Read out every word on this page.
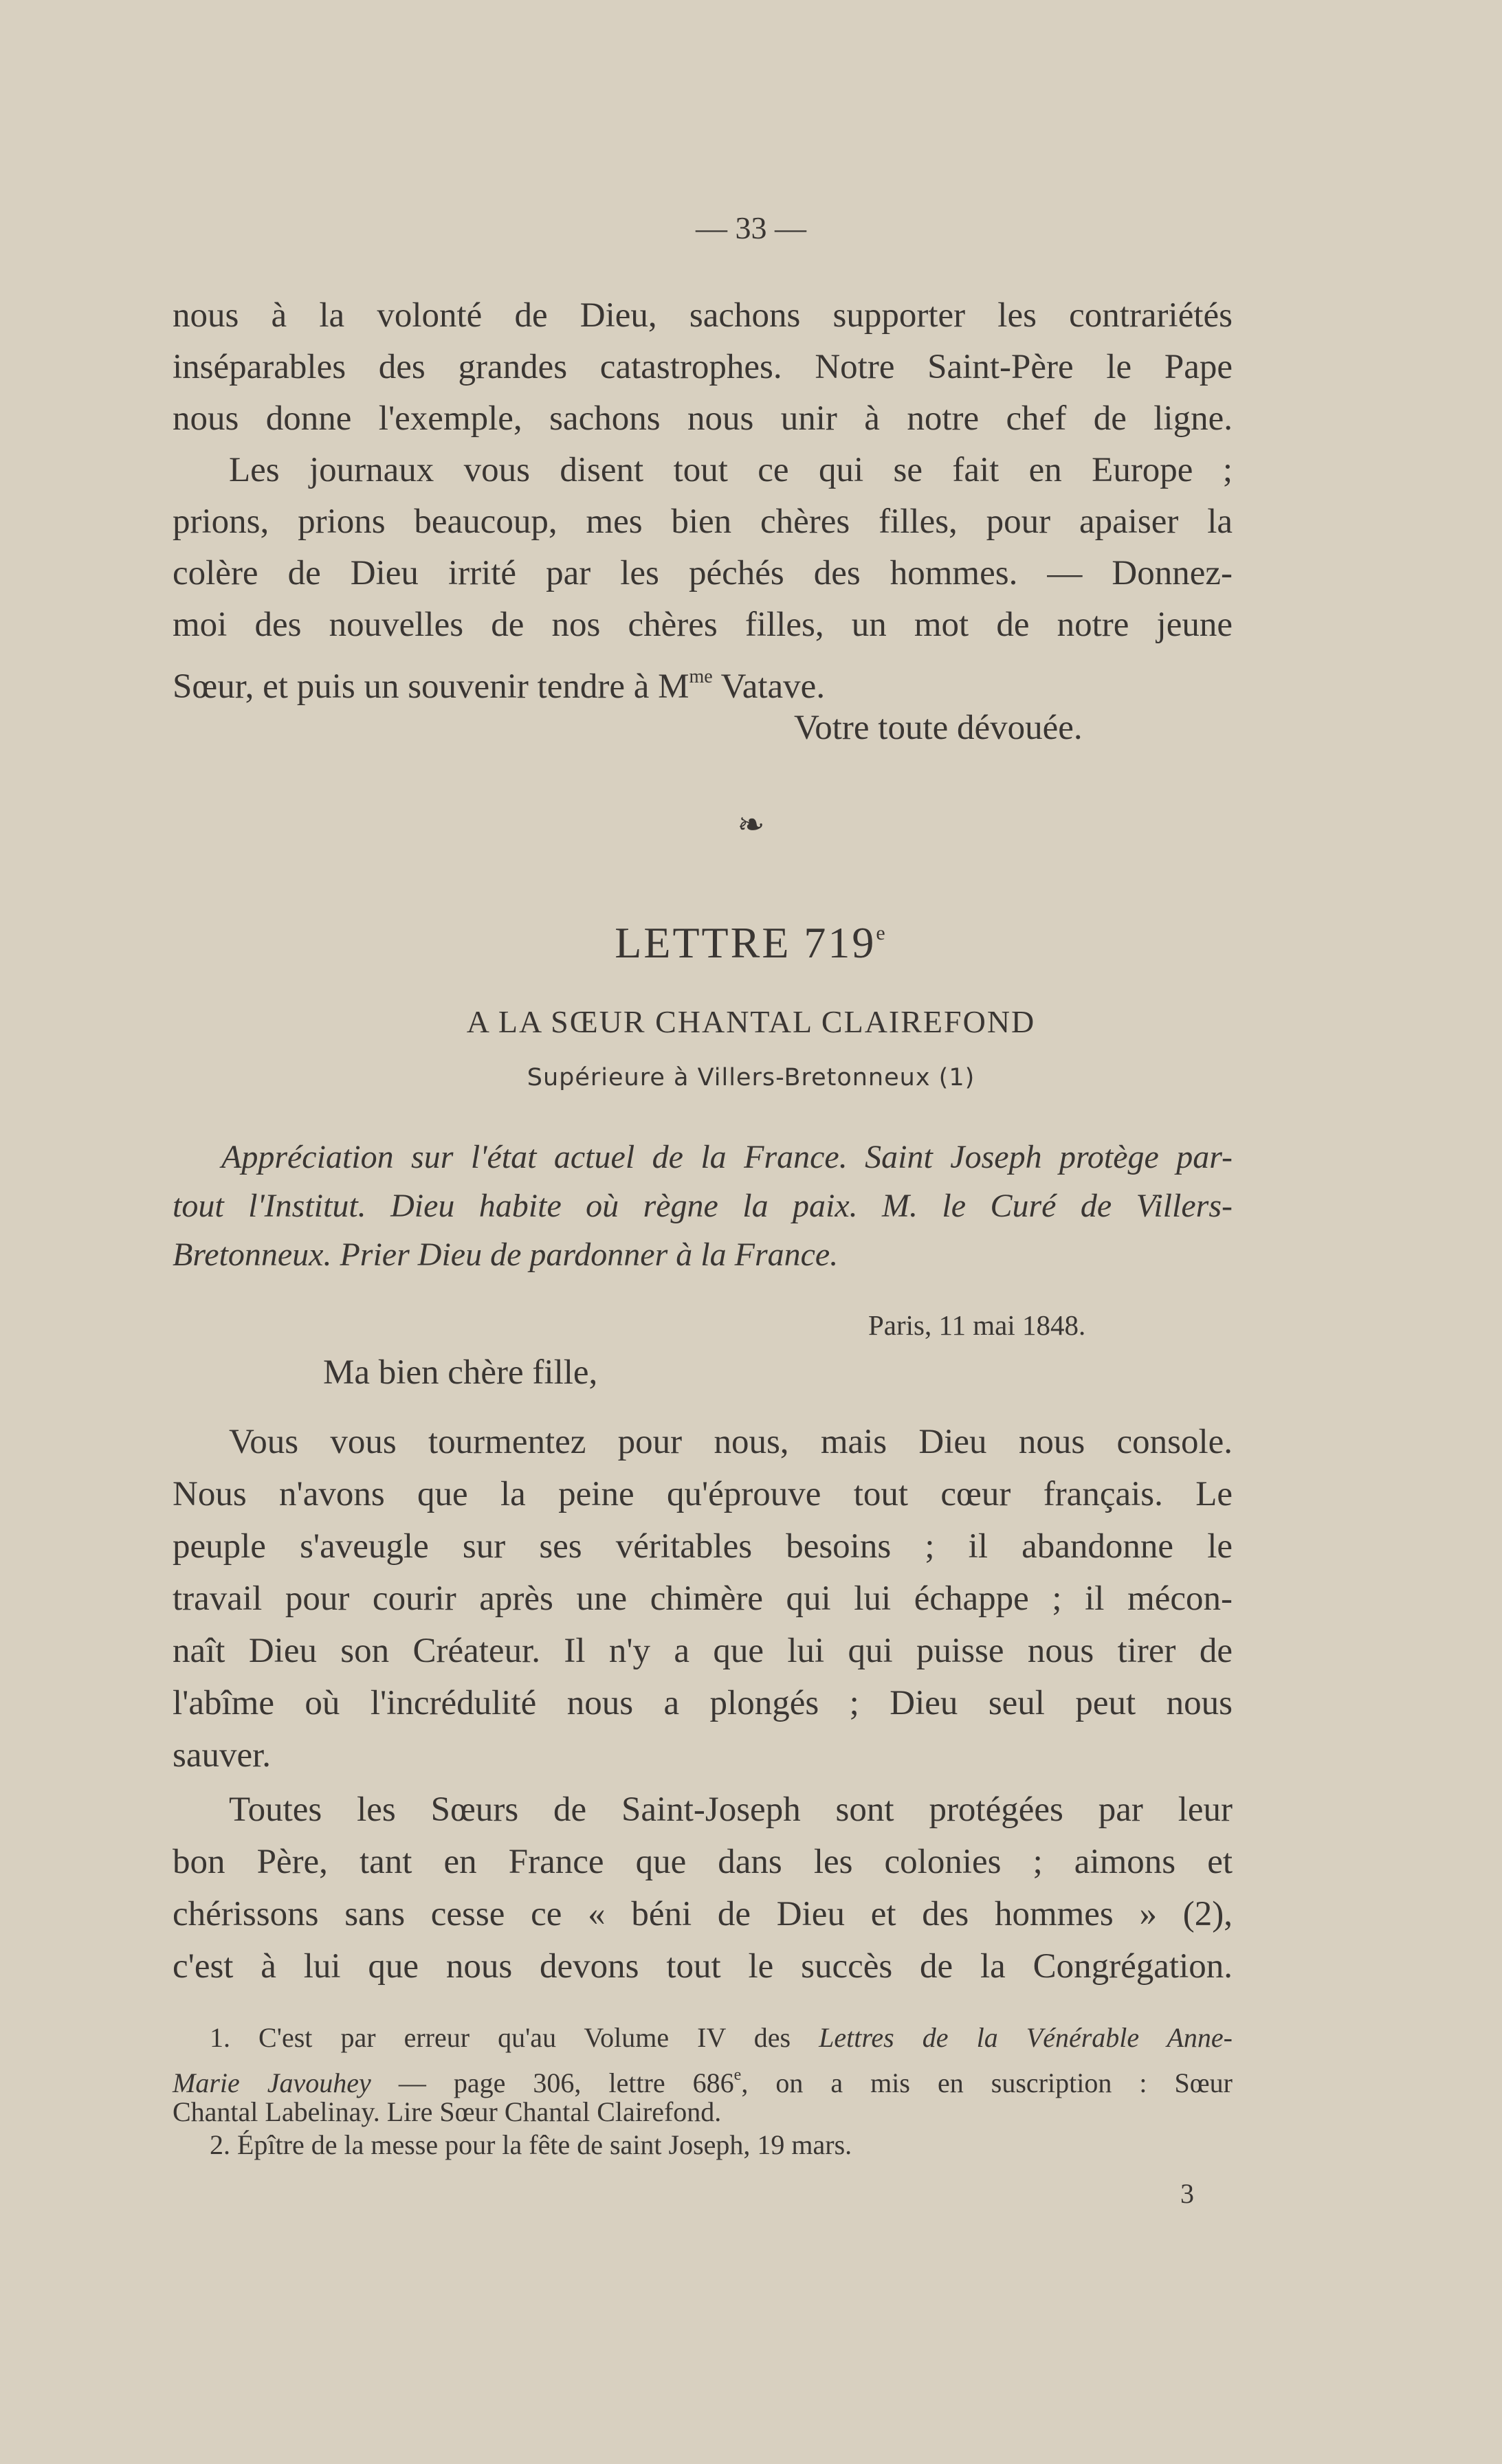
— 33 —
nous à la volonté de Dieu, sachons supporter les contrariétés
inséparables des grandes catastrophes. Notre Saint-Père le Pape
nous donne l'exemple, sachons nous unir à notre chef de ligne.
Les journaux vous disent tout ce qui se fait en Europe ;
prions, prions beaucoup, mes bien chères filles, pour apaiser la
colère de Dieu irrité par les péchés des hommes. — Donnez-
moi des nouvelles de nos chères filles, un mot de notre jeune
Sœur, et puis un souvenir tendre à $M^{me}$ Vatave.
Votre toute dévouée.
❧
LETTRE 719e
A LA SŒUR CHANTAL CLAIREFOND
Supérieure à Villers-Bretonneux (1)
Appréciation sur l'état actuel de la France. Saint Joseph protège par-
tout l'Institut. Dieu habite où règne la paix. M. le Curé de Villers-
Bretonneux. Prier Dieu de pardonner à la France.
Paris, 11 mai 1848.
Ma bien chère fille,
Vous vous tourmentez pour nous, mais Dieu nous console.
Nous n'avons que la peine qu'éprouve tout cœur français. Le
peuple s'aveugle sur ses véritables besoins ; il abandonne le
travail pour courir après une chimère qui lui échappe ; il mécon-
naît Dieu son Créateur. Il n'y a que lui qui puisse nous tirer de
l'abîme où l'incrédulité nous a plongés ; Dieu seul peut nous
sauver.
Toutes les Sœurs de Saint-Joseph sont protégées par leur
bon Père, tant en France que dans les colonies ; aimons et
chérissons sans cesse ce « béni de Dieu et des hommes » (2),
c'est à lui que nous devons tout le succès de la Congrégation.
1. C'est par erreur qu'au Volume IV des Lettres de la Vénérable Anne-
Marie Javouhey — page 306, lettre 686e, on a mis en suscription : Sœur
Chantal Labelinay. Lire Sœur Chantal Clairefond.
2. Épître de la messe pour la fête de saint Joseph, 19 mars.
3
